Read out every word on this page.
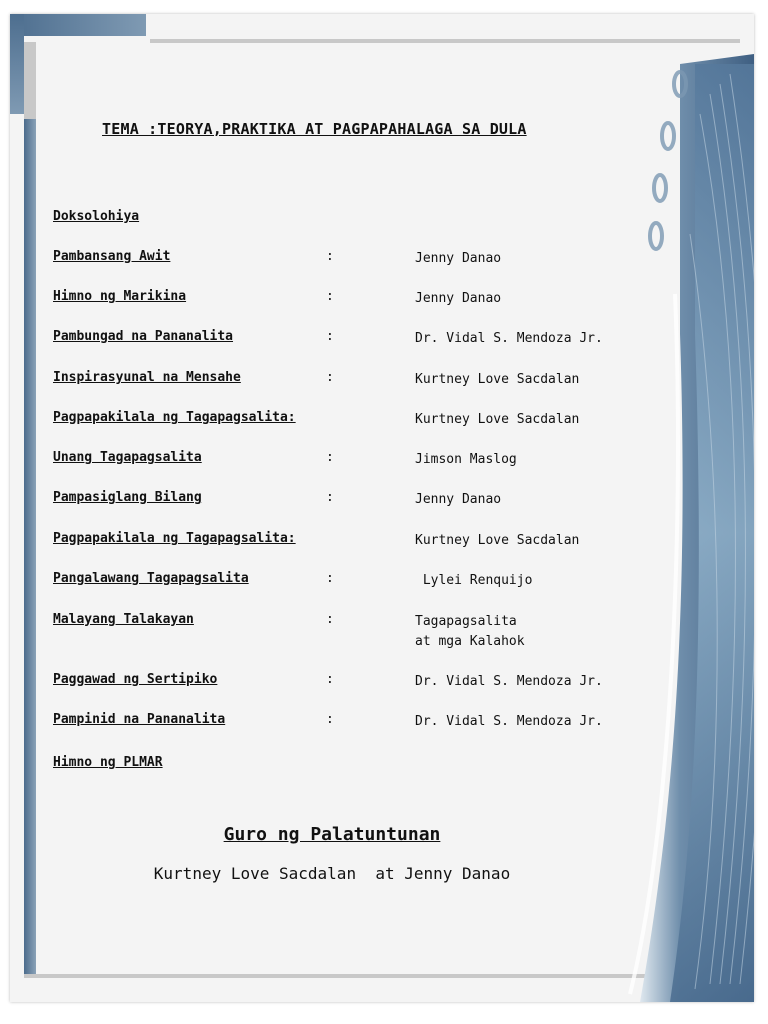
TEMA :TEORYA,PRAKTIKA AT PAGPAPAHALAGA SA DULA
Doksolohiya
Pambansang Awit	:	Jenny Danao
Himno ng Marikina	:	Jenny Danao
Pambungad na Pananalita	:	Dr. Vidal S. Mendoza Jr.
Inspirasyunal na Mensahe	:	Kurtney Love Sacdalan
Pagpapakilala ng Tagapagsalita:	Kurtney Love Sacdalan
Unang Tagapagsalita	:	Jimson Maslog
Pampasiglang Bilang	:	Jenny Danao
Pagpapakilala ng Tagapagsalita:	Kurtney Love Sacdalan
Pangalawang Tagapagsalita	:	Lylei Renquijo
Malayang Talakayan	:	Tagapagsalita
at mga Kalahok
Paggawad ng Sertipiko	:	Dr. Vidal S. Mendoza Jr.
Pampinid na Pananalita	:	Dr. Vidal S. Mendoza Jr.
Himno ng PLMAR
Guro ng Palatuntunan
Kurtney Love Sacdalan  at Jenny Danao
